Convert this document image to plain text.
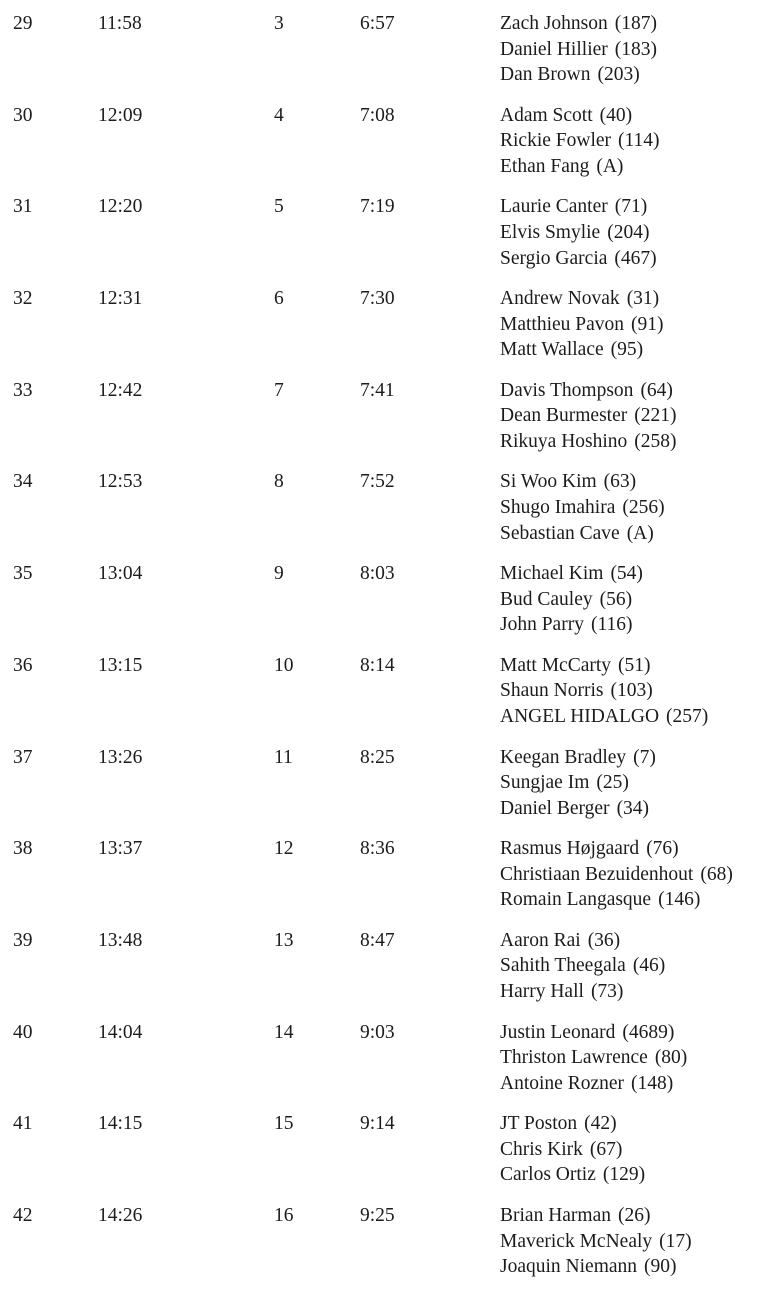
29	11:58	3	6:57	Zach Johnson (187)
Daniel Hillier (183)
Dan Brown (203)
30	12:09	4	7:08	Adam Scott (40)
Rickie Fowler (114)
Ethan Fang (A)
31	12:20	5	7:19	Laurie Canter (71)
Elvis Smylie (204)
Sergio Garcia (467)
32	12:31	6	7:30	Andrew Novak (31)
Matthieu Pavon (91)
Matt Wallace (95)
33	12:42	7	7:41	Davis Thompson (64)
Dean Burmester (221)
Rikuya Hoshino (258)
34	12:53	8	7:52	Si Woo Kim (63)
Shugo Imahira (256)
Sebastian Cave (A)
35	13:04	9	8:03	Michael Kim (54)
Bud Cauley (56)
John Parry (116)
36	13:15	10	8:14	Matt McCarty (51)
Shaun Norris (103)
ANGEL HIDALGO (257)
37	13:26	11	8:25	Keegan Bradley (7)
Sungjae Im (25)
Daniel Berger (34)
38	13:37	12	8:36	Rasmus Højgaard (76)
Christiaan Bezuidenhout (68)
Romain Langasque (146)
39	13:48	13	8:47	Aaron Rai (36)
Sahith Theegala (46)
Harry Hall (73)
40	14:04	14	9:03	Justin Leonard (4689)
Thriston Lawrence (80)
Antoine Rozner (148)
41	14:15	15	9:14	JT Poston (42)
Chris Kirk (67)
Carlos Ortiz (129)
42	14:26	16	9:25	Brian Harman (26)
Maverick McNealy (17)
Joaquin Niemann (90)
